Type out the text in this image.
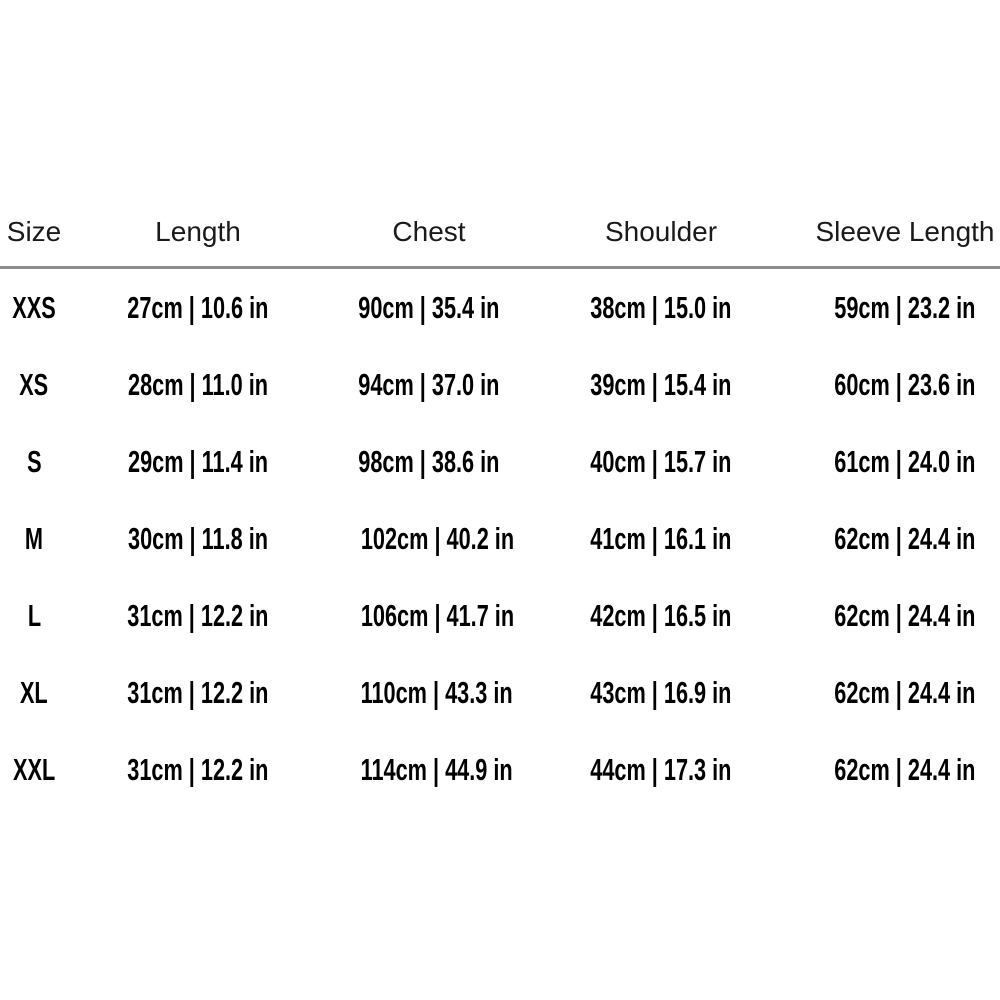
Size	Length	Chest	Shoulder	Sleeve Length
XXS	27cm | 10.6 in	90cm | 35.4 in	38cm | 15.0 in	59cm | 23.2 in
XS	28cm | 11.0 in	94cm | 37.0 in	39cm | 15.4 in	60cm | 23.6 in
S	29cm | 11.4 in	98cm | 38.6 in	40cm | 15.7 in	61cm | 24.0 in
M	30cm | 11.8 in	102cm | 40.2 in	41cm | 16.1 in	62cm | 24.4 in
L	31cm | 12.2 in	106cm | 41.7 in	42cm | 16.5 in	62cm | 24.4 in
XL	31cm | 12.2 in	110cm | 43.3 in	43cm | 16.9 in	62cm | 24.4 in
XXL	31cm | 12.2 in	114cm | 44.9 in	44cm | 17.3 in	62cm | 24.4 in
